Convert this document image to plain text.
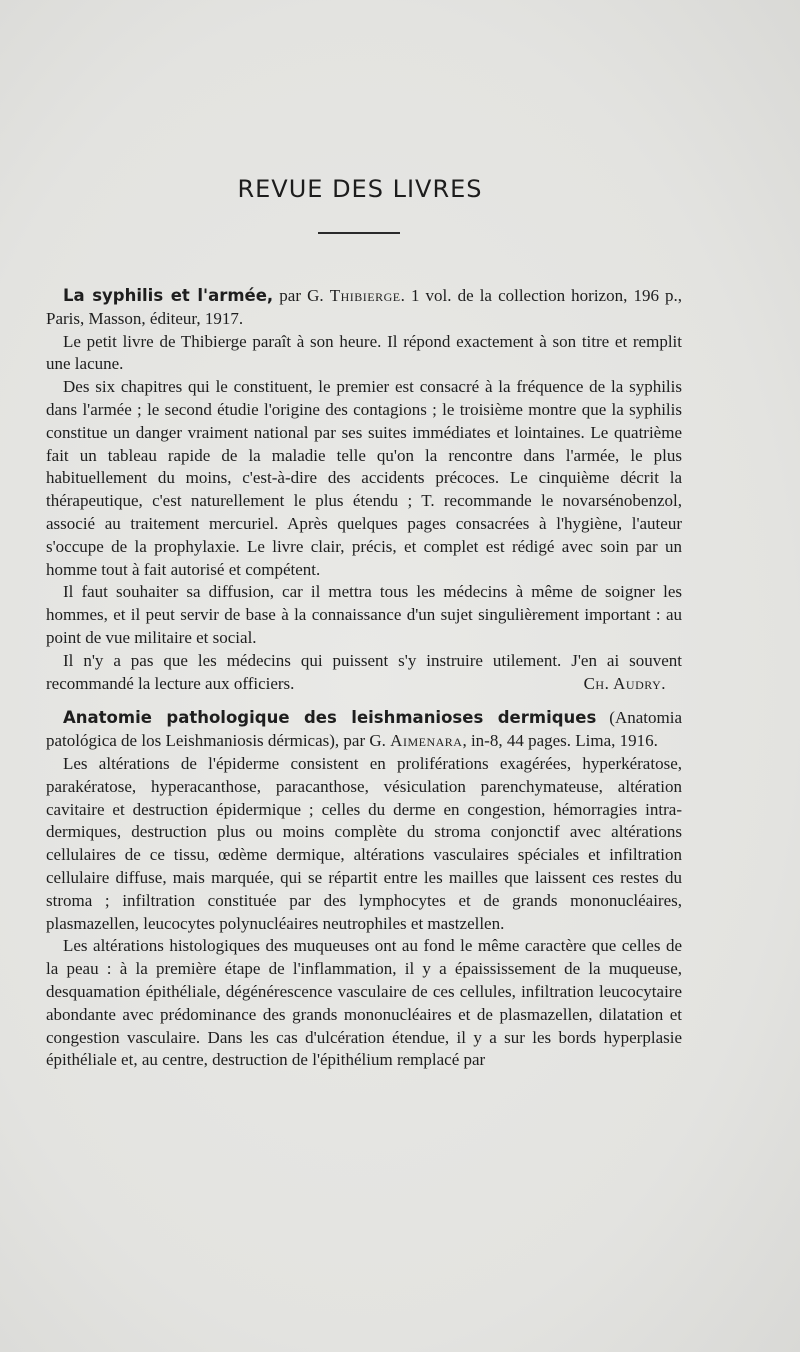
REVUE DES LIVRES

La syphilis et l'armée, par G. Thibierge. 1 vol. de la collection horizon, 196 p., Paris, Masson, éditeur, 1917.

Le petit livre de Thibierge paraît à son heure. Il répond exactement à son titre et remplit une lacune.

Des six chapitres qui le constituent, le premier est consacré à la fréquence de la syphilis dans l'armée ; le second étudie l'origine des contagions ; le troisième montre que la syphilis constitue un danger vraiment national par ses suites immédiates et lointaines. Le quatrième fait un tableau rapide de la maladie telle qu'on la rencontre dans l'armée, le plus habituellement du moins, c'est-à-dire des accidents précoces. Le cinquième décrit la thérapeutique, c'est naturellement le plus étendu ; T. recommande le novarsénobenzol, associé au traitement mercuriel. Après quelques pages consacrées à l'hygiène, l'auteur s'occupe de la prophylaxie. Le livre clair, précis, et complet est rédigé avec soin par un homme tout à fait autorisé et compétent.

Il faut souhaiter sa diffusion, car il mettra tous les médecins à même de soigner les hommes, et il peut servir de base à la connaissance d'un sujet singulièrement important : au point de vue militaire et social.

Il n'y a pas que les médecins qui puissent s'y instruire utilement. J'en ai souvent recommandé la lecture aux officiers.	Ch. Audry.

Anatomie pathologique des leishmanioses dermiques (Anatomia patológica de los Leishmaniosis dérmicas), par G. Aimenara, in-8, 44 pages. Lima, 1916.

Les altérations de l'épiderme consistent en proliférations exagérées, hyperkératose, parakératose, hyperacanthose, paracanthose, vésiculation parenchymateuse, altération cavitaire et destruction épidermique ; celles du derme en congestion, hémorragies intra-dermiques, destruction plus ou moins complète du stroma conjonctif avec altérations cellulaires de ce tissu, œdème dermique, altérations vasculaires spéciales et infiltration cellulaire diffuse, mais marquée, qui se répartit entre les mailles que laissent ces restes du stroma ; infiltration constituée par des lymphocytes et de grands mononucléaires, plasmazellen, leucocytes polynucléaires neutrophiles et mastzellen.

Les altérations histologiques des muqueuses ont au fond le même caractère que celles de la peau : à la première étape de l'inflammation, il y a épaississement de la muqueuse, desquamation épithéliale, dégénérescence vasculaire de ces cellules, infiltration leucocytaire abondante avec prédominance des grands mononucléaires et de plasmazellen, dilatation et congestion vasculaire. Dans les cas d'ulcération étendue, il y a sur les bords hyperplasie épithéliale et, au centre, destruction de l'épithélium remplacé par
